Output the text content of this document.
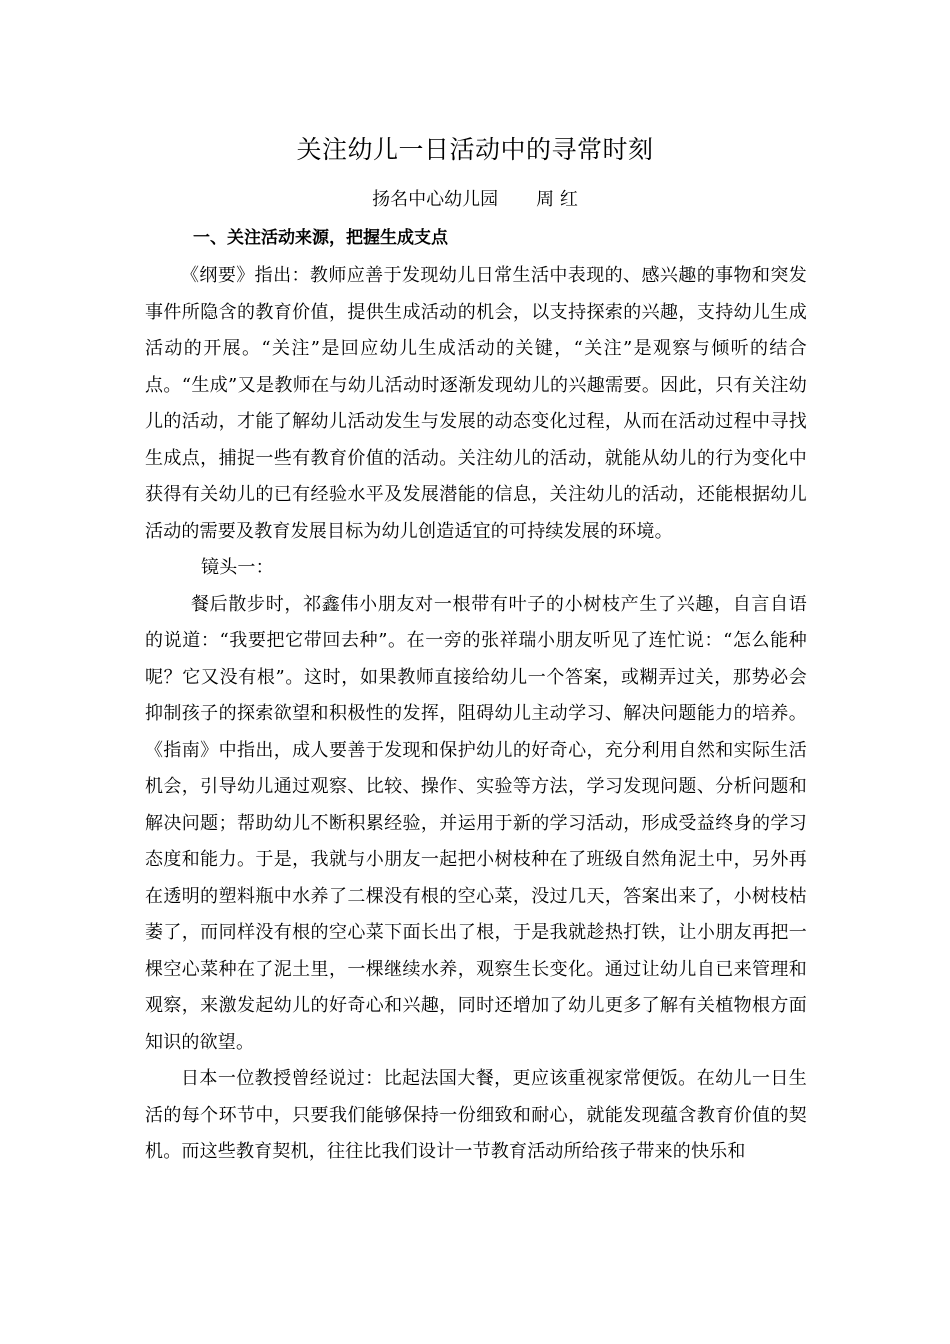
关注幼儿一日活动中的寻常时刻
扬名中心幼儿园 周 红
一、关注活动来源，把握生成支点

《纲要》指出：教师应善于发现幼儿日常生活中表现的、感兴趣的事物和突发事件所隐含的教育价值，提供生成活动的机会，以支持探索的兴趣，支持幼儿生成活动的开展。“关注”是回应幼儿生成活动的关键，“关注”是观察与倾听的结合点。“生成”又是教师在与幼儿活动时逐渐发现幼儿的兴趣需要。因此，只有关注幼儿的活动，才能了解幼儿活动发生与发展的动态变化过程，从而在活动过程中寻找生成点，捕捉一些有教育价值的活动。关注幼儿的活动，就能从幼儿的行为变化中获得有关幼儿的已有经验水平及发展潜能的信息，关注幼儿的活动，还能根据幼儿活动的需要及教育发展目标为幼儿创造适宜的可持续发展的环境。

镜头一：

餐后散步时，祁鑫伟小朋友对一根带有叶子的小树枝产生了兴趣，自言自语的说道：“我要把它带回去种”。在一旁的张祥瑞小朋友听见了连忙说：“怎么能种呢？它又没有根”。这时，如果教师直接给幼儿一个答案，或糊弄过关，那势必会抑制孩子的探索欲望和积极性的发挥，阻碍幼儿主动学习、解决问题能力的培养。《指南》中指出，成人要善于发现和保护幼儿的好奇心，充分利用自然和实际生活机会，引导幼儿通过观察、比较、操作、实验等方法，学习发现问题、分析问题和解决问题；帮助幼儿不断积累经验，并运用于新的学习活动，形成受益终身的学习态度和能力。于是，我就与小朋友一起把小树枝种在了班级自然角泥土中，另外再在透明的塑料瓶中水养了二棵没有根的空心菜，没过几天，答案出来了，小树枝枯萎了，而同样没有根的空心菜下面长出了根，于是我就趁热打铁，让小朋友再把一棵空心菜种在了泥土里，一棵继续水养，观察生长变化。通过让幼儿自已来管理和观察，来激发起幼儿的好奇心和兴趣，同时还增加了幼儿更多了解有关植物根方面知识的欲望。

日本一位教授曾经说过：比起法国大餐，更应该重视家常便饭。在幼儿一日生活的每个环节中，只要我们能够保持一份细致和耐心，就能发现蕴含教育价值的契机。而这些教育契机，往往比我们设计一节教育活动所给孩子带来的快乐和
